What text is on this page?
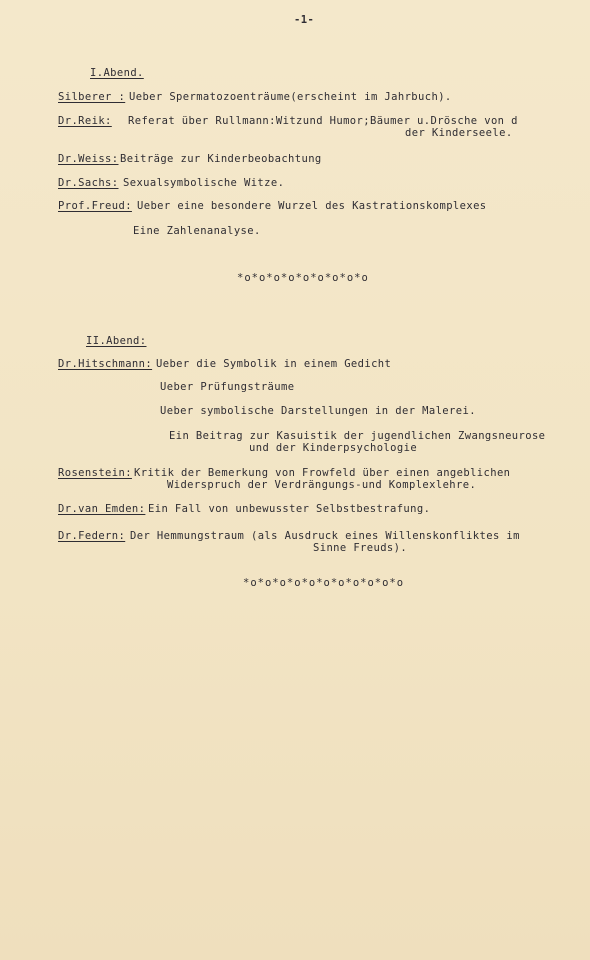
-1-
I.Abend.
Silberer : Ueber Spermatozoenträume(erscheint im Jahrbuch).
Dr.Reik: Referat über Rullmann:Witzund Humor;Bäumer u.Drösche von d
der Kinderseele.
Dr.Weiss: Beiträge zur Kinderbeobachtung
Dr.Sachs: Sexualsymbolische Witze.
Prof.Freud: Ueber eine besondere Wurzel des Kastrationskomplexes
Eine Zahlenanalyse.
*o*o*o*o*o*o*o*o*o
II.Abend:
Dr.Hitschmann: Ueber die Symbolik in einem Gedicht
Ueber Prüfungsträume
Ueber symbolische Darstellungen in der Malerei.
Ein Beitrag zur Kasuistik der jugendlichen Zwangsneurose
und der Kinderpsychologie
Rosenstein: Kritik der Bemerkung von Frowfeld über einen angeblichen
Widerspruch der Verdrängungs-und Komplexlehre.
Dr.van Emden: Ein Fall von unbewusster Selbstbestrafung.
Dr.Federn: Der Hemmungstraum (als Ausdruck eines Willenskonfliktes im
Sinne Freuds).
*o*o*o*o*o*o*o*o*o*o*o
